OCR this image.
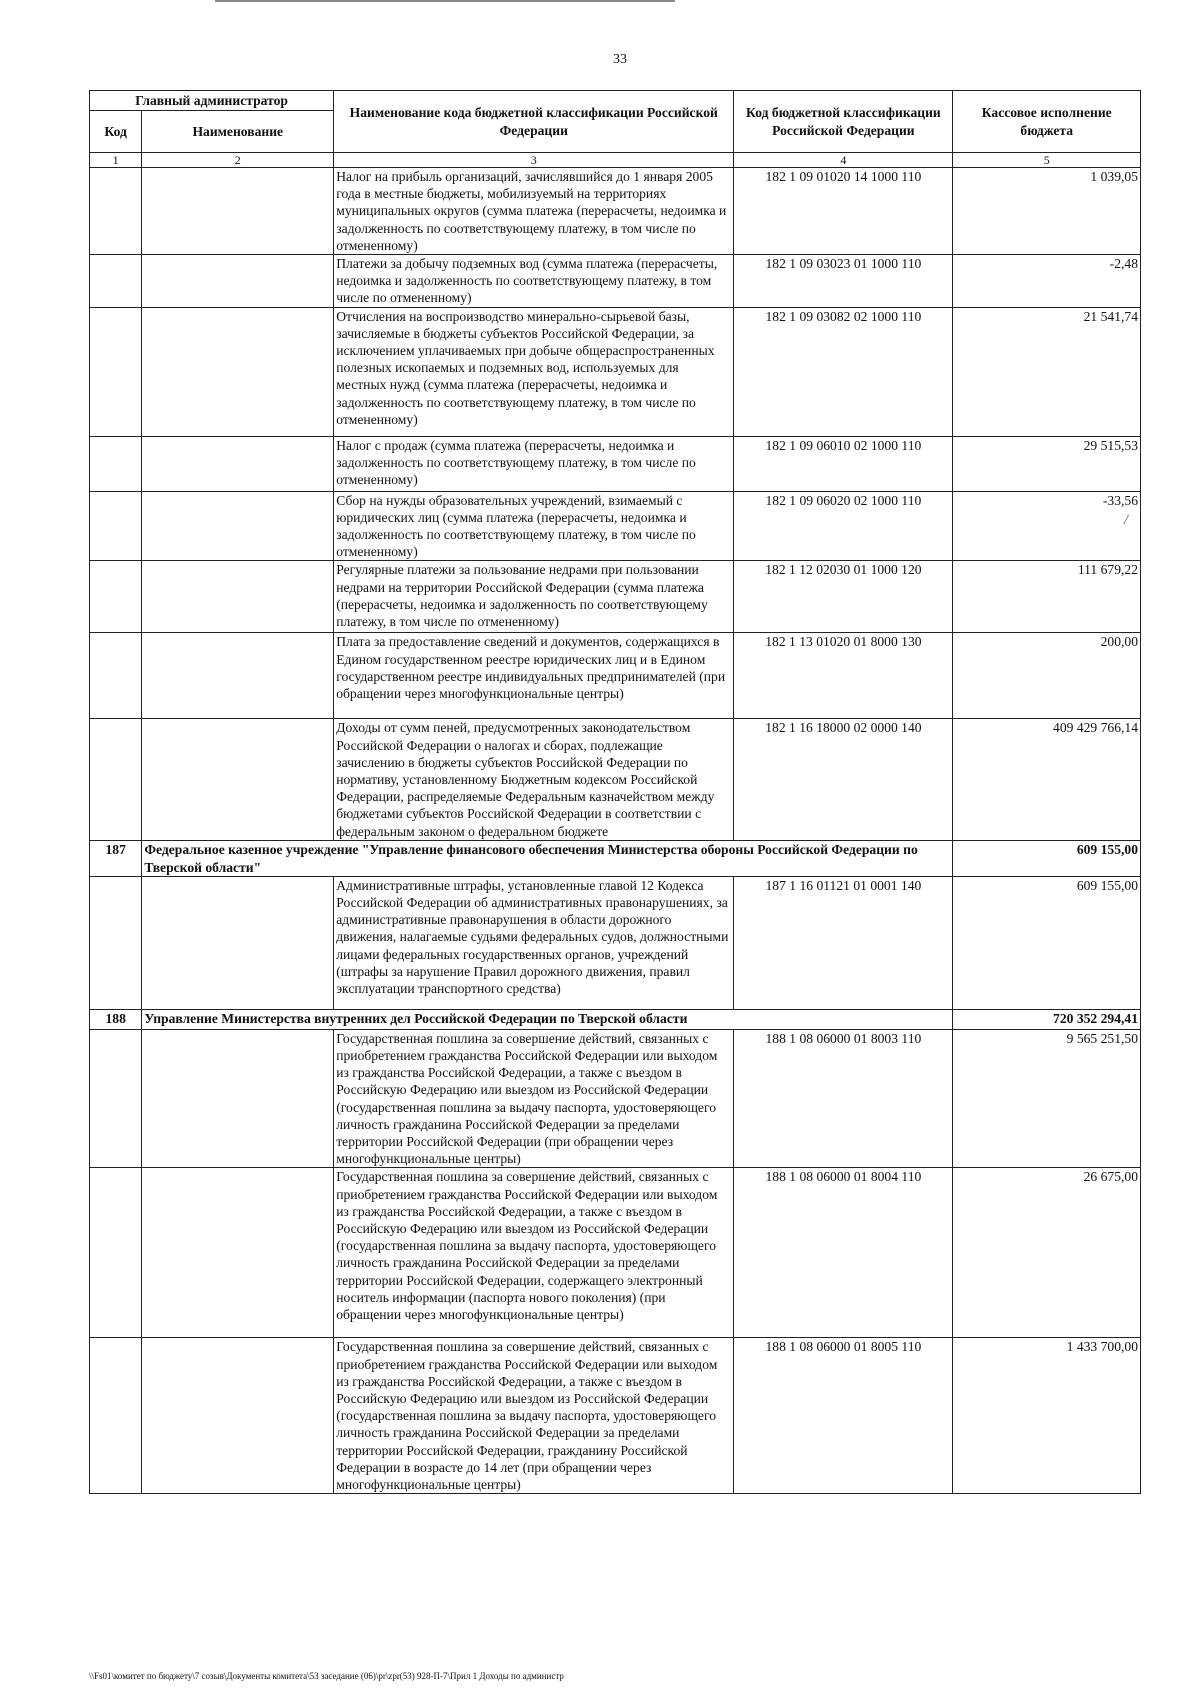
33
/
Главный администратор		Наименование кода бюджетной классификации Российской Федерации	Код бюджетной классификации Российской Федерации	Кассовое исполнение бюджета
Код	Наименование			
1	2	3	4	5
		Налог на прибыль организаций, зачислявшийся до 1 января 2005 года в местные бюджеты, мобилизуемый на территориях муниципальных округов (сумма платежа (перерасчеты, недоимка и задолженность по соответствующему платежу, в том числе по отмененному)	182 1 09 01020 14 1000 110	1 039,05
		Платежи за добычу подземных вод (сумма платежа (перерасчеты, недоимка и задолженность по соответствующему платежу, в том числе по отмененному)	182 1 09 03023 01 1000 110	-2,48
		Отчисления на воспроизводство минерально-сырьевой базы, зачисляемые в бюджеты субъектов Российской Федерации, за исключением уплачиваемых при добыче общераспространенных полезных ископаемых и подземных вод, используемых для местных нужд (сумма платежа (перерасчеты, недоимка и задолженность по соответствующему платежу, в том числе по отмененному)	182 1 09 03082 02 1000 110	21 541,74
		Налог с продаж (сумма платежа (перерасчеты, недоимка и задолженность по соответствующему платежу, в том числе по отмененному)	182 1 09 06010 02 1000 110	29 515,53
		Сбор на нужды образовательных учреждений, взимаемый с юридических лиц (сумма платежа (перерасчеты, недоимка и задолженность по соответствующему платежу, в том числе по отмененному)	182 1 09 06020 02 1000 110	-33,56
		Регулярные платежи за пользование недрами при пользовании недрами на территории Российской Федерации (сумма платежа (перерасчеты, недоимка и задолженность по соответствующему платежу, в том числе по отмененному)	182 1 12 02030 01 1000 120	111 679,22
		Плата за предоставление сведений и документов, содержащихся в Едином государственном реестре юридических лиц и в Едином государственном реестре индивидуальных предпринимателей (при обращении через многофункциональные центры)	182 1 13 01020 01 8000 130	200,00
		Доходы от сумм пеней, предусмотренных законодательством Российской Федерации о налогах и сборах, подлежащие зачислению в бюджеты субъектов Российской Федерации по нормативу, установленному Бюджетным кодексом Российской Федерации, распределяемые Федеральным казначейством между бюджетами субъектов Российской Федерации в соответствии с федеральным законом о федеральном бюджете	182 1 16 18000 02 0000 140	409 429 766,14
187	Федеральное казенное учреждение "Управление финансового обеспечения Министерства обороны Российской Федерации по Тверской области"			609 155,00
		Административные штрафы, установленные главой 12 Кодекса Российской Федерации об административных правонарушениях, за административные правонарушения в области дорожного движения, налагаемые судьями федеральных судов, должностными лицами федеральных государственных органов, учреждений (штрафы за нарушение Правил дорожного движения, правил эксплуатации транспортного средства)	187 1 16 01121 01 0001 140	609 155,00
188	Управление Министерства внутренних дел Российской Федерации по Тверской области			720 352 294,41
		Государственная пошлина за совершение действий, связанных с приобретением гражданства Российской Федерации или выходом из гражданства Российской Федерации, а также с въездом в Российскую Федерацию или выездом из Российской Федерации (государственная пошлина за выдачу паспорта, удостоверяющего личность гражданина Российской Федерации за пределами территории Российской Федерации (при обращении через многофункциональные центры)	188 1 08 06000 01 8003 110	9 565 251,50
		Государственная пошлина за совершение действий, связанных с приобретением гражданства Российской Федерации или выходом из гражданства Российской Федерации, а также с въездом в Российскую Федерацию или выездом из Российской Федерации (государственная пошлина за выдачу паспорта, удостоверяющего личность гражданина Российской Федерации за пределами территории Российской Федерации, содержащего электронный носитель информации (паспорта нового поколения) (при обращении через многофункциональные центры)	188 1 08 06000 01 8004 110	26 675,00
		Государственная пошлина за совершение действий, связанных с приобретением гражданства Российской Федерации или выходом из гражданства Российской Федерации, а также с въездом в Российскую Федерацию или выездом из Российской Федерации (государственная пошлина за выдачу паспорта, удостоверяющего личность гражданина Российской Федерации за пределами территории Российской Федерации, гражданину Российской Федерации в возрасте до 14 лет (при обращении через многофункциональные центры)	188 1 08 06000 01 8005 110	1 433 700,00
\\Fs01\комитет по бюджету\7 созыв\Документы комитета\53 заседание (06)\pr\zpr(53) 928-П-7\Прил 1 Доходы по администр
